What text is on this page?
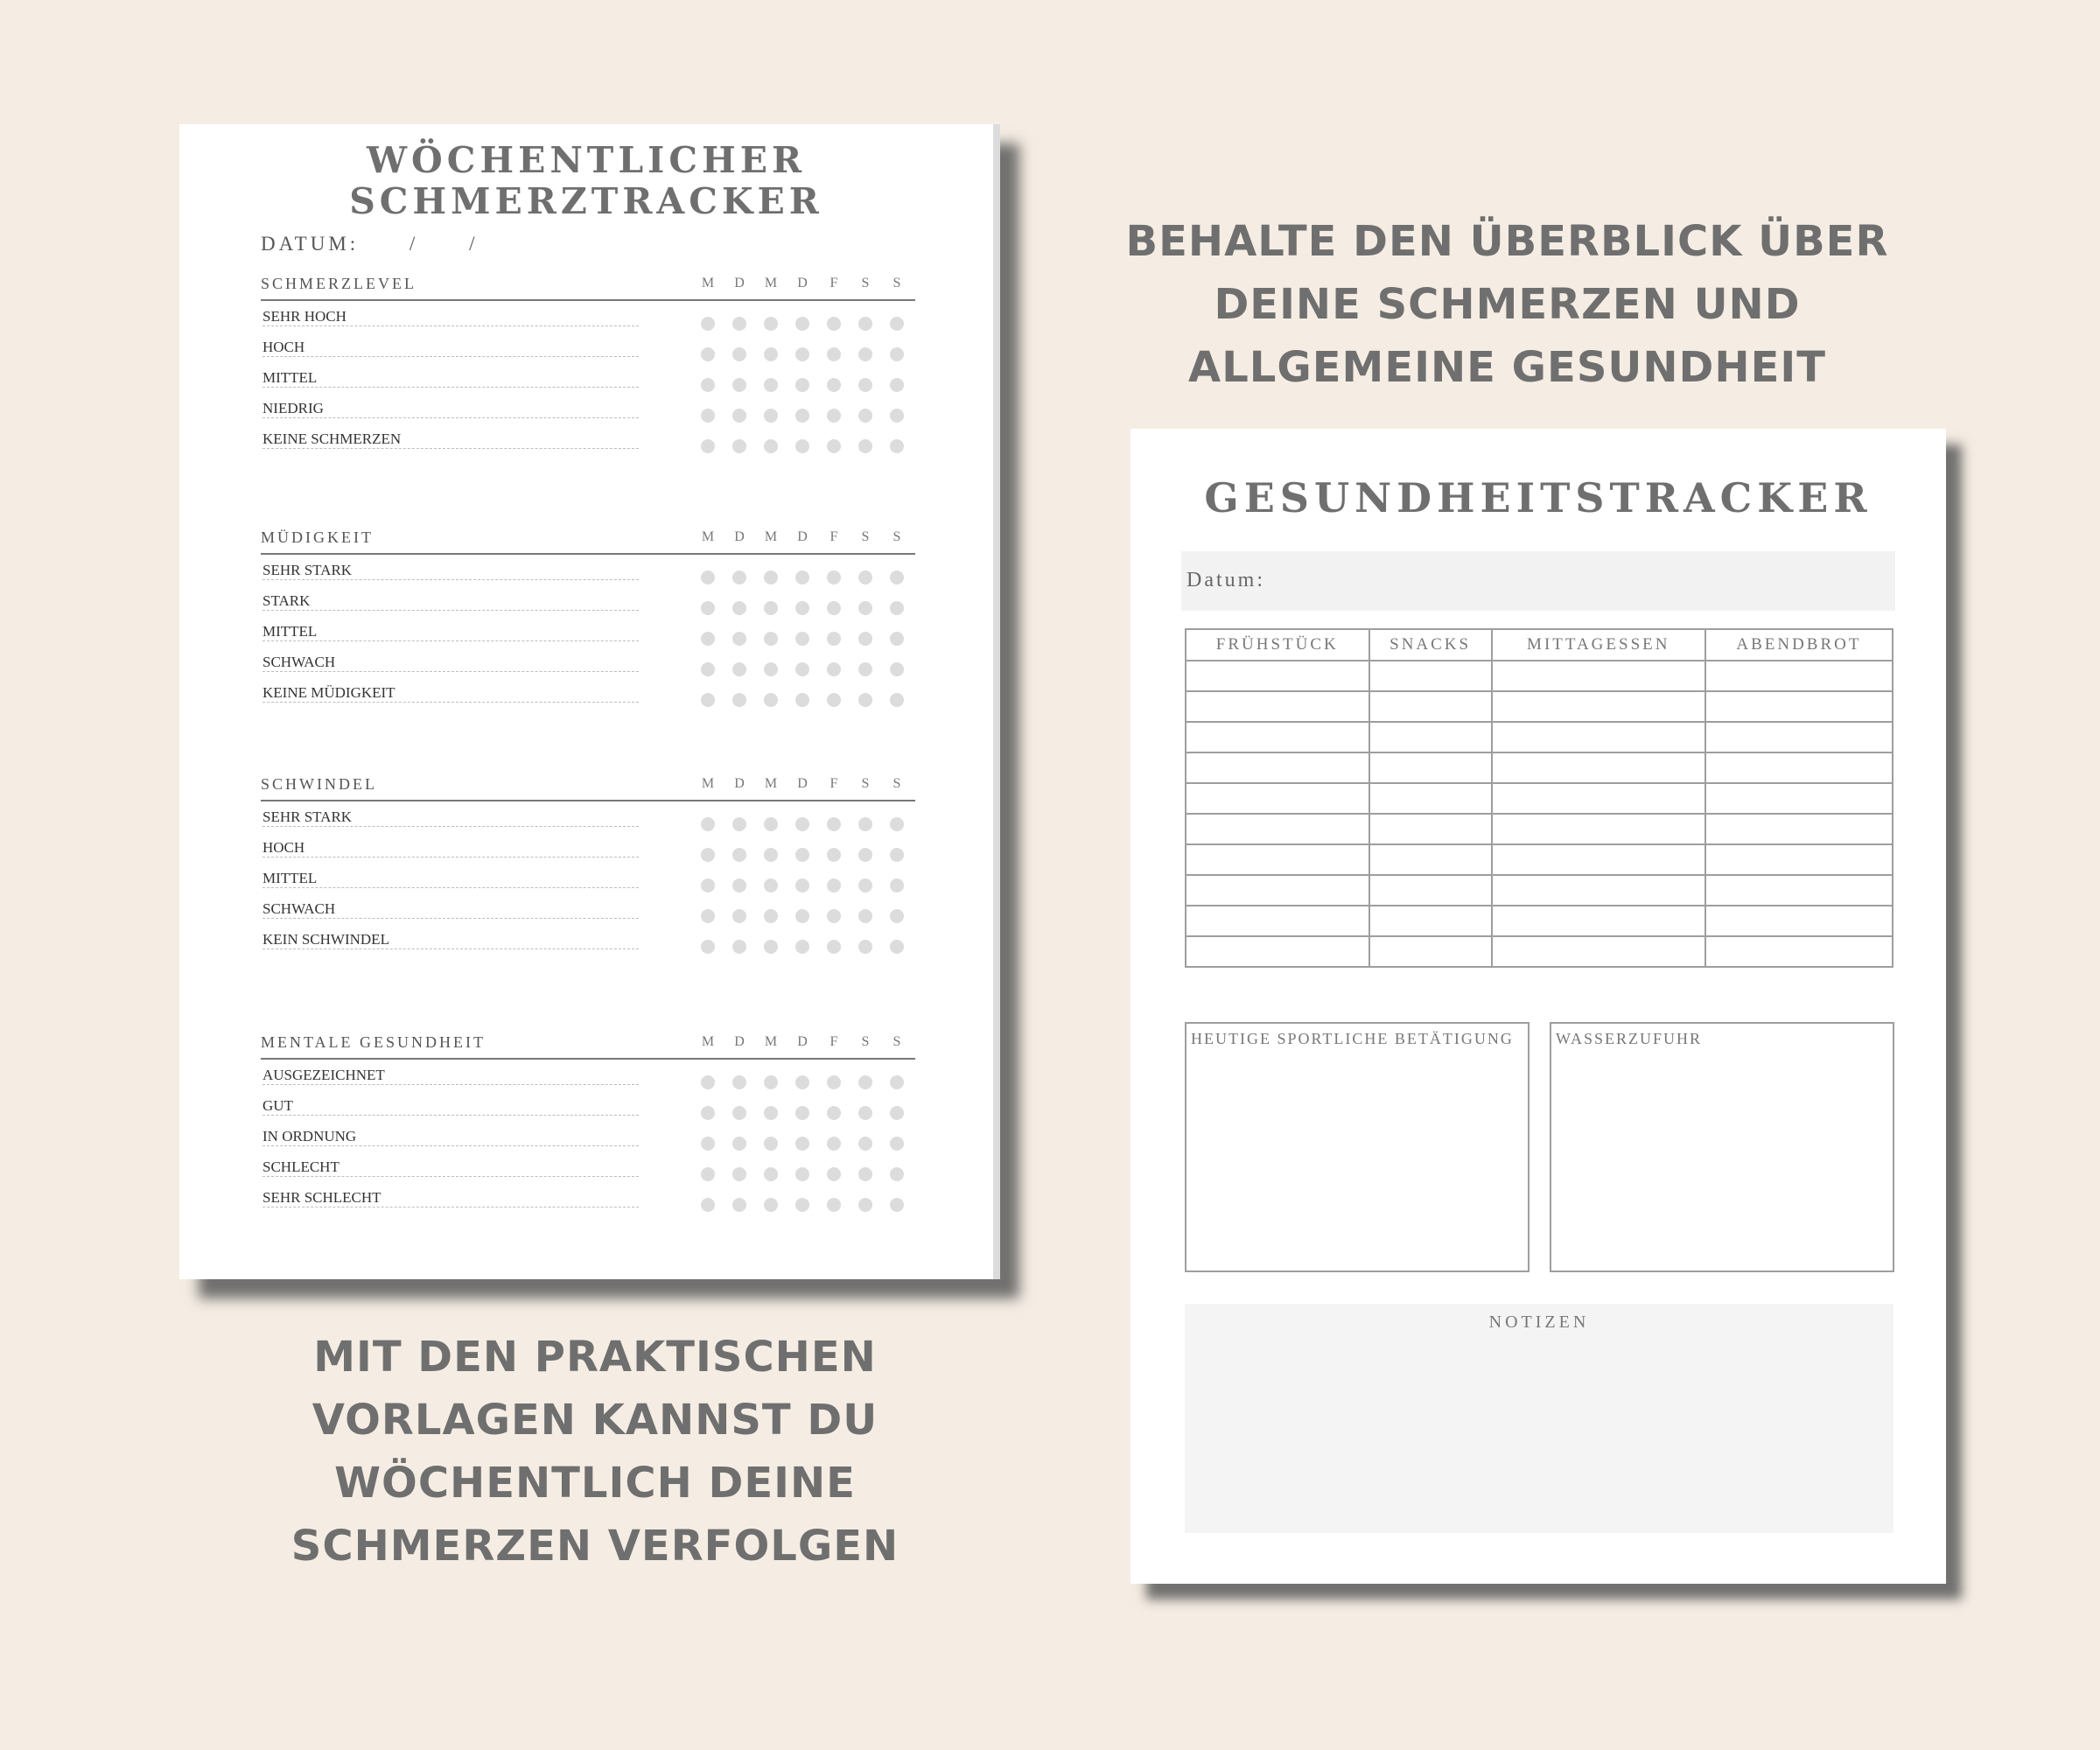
WÖCHENTLICHER
SCHMERZTRACKER
DATUM:	/	/
SCHMERZLEVEL	M	D	M	D	F	S	S
SEHR HOCH
HOCH
MITTEL
NIEDRIG
KEINE SCHMERZEN
MÜDIGKEIT	M	D	M	D	F	S	S
SEHR STARK
STARK
MITTEL
SCHWACH
KEINE MÜDIGKEIT
SCHWINDEL	M	D	M	D	F	S	S
SEHR STARK
HOCH
MITTEL
SCHWACH
KEIN SCHWINDEL
MENTALE GESUNDHEIT	M	D	M	D	F	S	S
AUSGEZEICHNET
GUT
IN ORDNUNG
SCHLECHT
SEHR SCHLECHT
BEHALTE DEN ÜBERBLICK ÜBER
DEINE SCHMERZEN UND
ALLGEMEINE GESUNDHEIT
MIT DEN PRAKTISCHEN
VORLAGEN KANNST DU
WÖCHENTLICH DEINE
SCHMERZEN VERFOLGEN
GESUNDHEITSTRACKER
Datum:
FRÜHSTÜCK	SNACKS	MITTAGESSEN	ABENDBROT

HEUTIGE SPORTLICHE BETÄTIGUNG	WASSERZUFUHR
NOTIZEN
